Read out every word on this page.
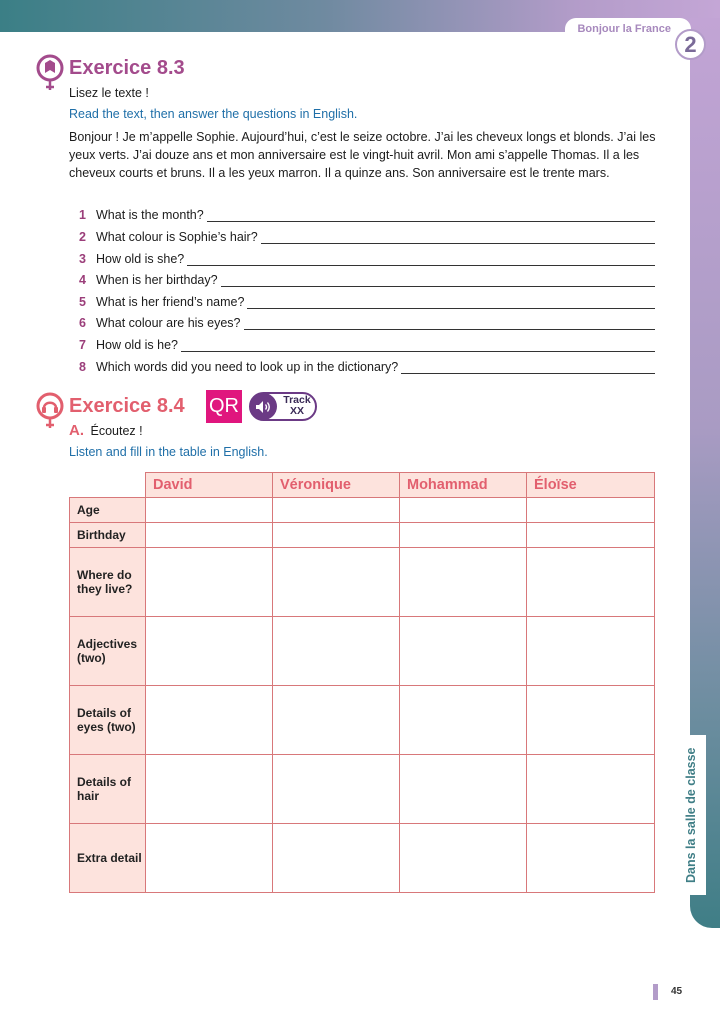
Bonjour la France
2
Dans la salle de classe
Exercice 8.3
Lisez le texte !
Read the text, then answer the questions in English.
Bonjour ! Je m’appelle Sophie. Aujourd’hui, c’est le seize octobre. J’ai les cheveux longs et blonds. J’ai les yeux verts. J’ai douze ans et mon anniversaire est le vingt-huit avril. Mon ami s’appelle Thomas. Il a les cheveux courts et bruns. Il a les yeux marron. Il a quinze ans. Son anniversaire est le trente mars.
1 What is the month?
2 What colour is Sophie’s hair?
3 How old is she?
4 When is her birthday?
5 What is her friend’s name?
6 What colour are his eyes?
7 How old is he?
8 Which words did you need to look up in the dictionary?
Exercice 8.4 QR	Track
XX
A. Écoutez !
Listen and fill in the table in English.
	David	Véronique	Mohammad	Éloïse
Age				
Birthday				
Where do they live?				
Adjectives (two)				
Details of eyes (two)				
Details of hair				
Extra detail				
45
